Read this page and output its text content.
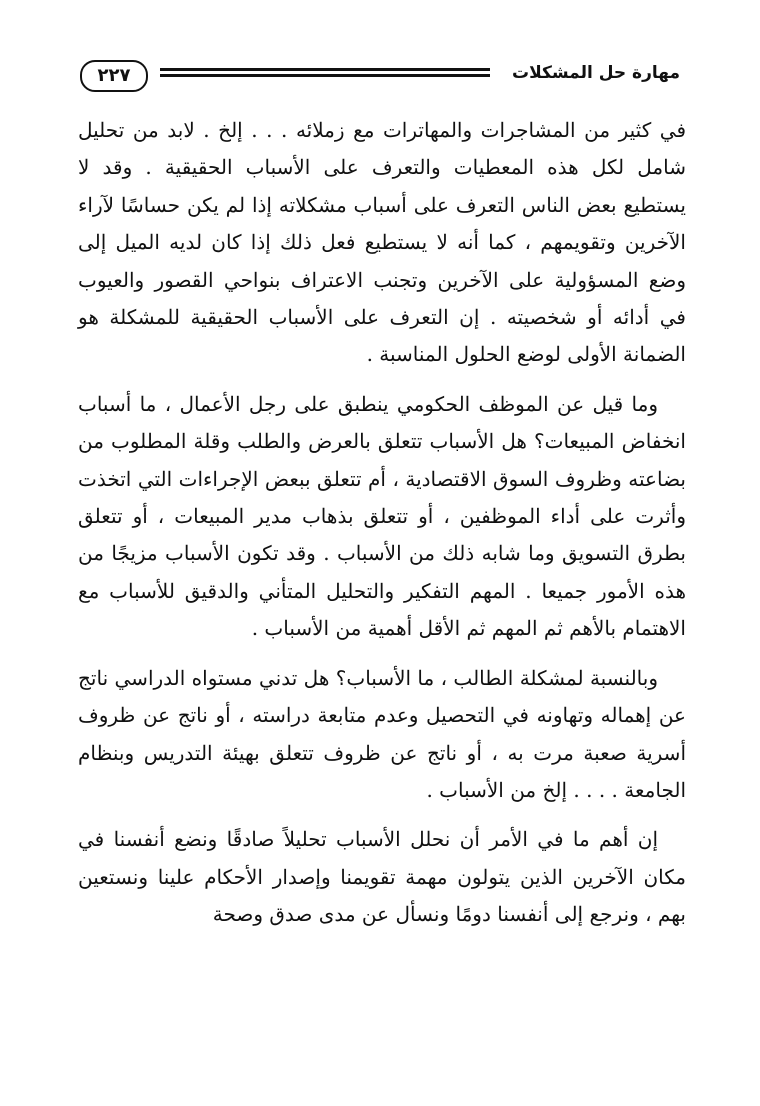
٢٢٧	مهارة حل المشكلات

في كثير من المشاجرات والمهاترات مع زملائه . . . إلخ . لابد من تحليل شامل لكل هذه المعطيات والتعرف على الأسباب الحقيقية . وقد لا يستطيع بعض الناس التعرف على أسباب مشكلاته إذا لم يكن حساسًا لآراء الآخرين وتقويمهم ، كما أنه لا يستطيع فعل ذلك إذا كان لديه الميل إلى وضع المسؤولية على الآخرين وتجنب الاعتراف بنواحي القصور والعيوب في أدائه أو شخصيته . إن التعرف على الأسباب الحقيقية للمشكلة هو الضمانة الأولى لوضع الحلول المناسبة .

وما قيل عن الموظف الحكومي ينطبق على رجل الأعمال ، ما أسباب انخفاض المبيعات؟ هل الأسباب تتعلق بالعرض والطلب وقلة المطلوب من بضاعته وظروف السوق الاقتصادية ، أم تتعلق ببعض الإجراءات التي اتخذت وأثرت على أداء الموظفين ، أو تتعلق بذهاب مدير المبيعات ، أو تتعلق بطرق التسويق وما شابه ذلك من الأسباب . وقد تكون الأسباب مزيجًا من هذه الأمور جميعا . المهم التفكير والتحليل المتأني والدقيق للأسباب مع الاهتمام بالأهم ثم المهم ثم الأقل أهمية من الأسباب .

وبالنسبة لمشكلة الطالب ، ما الأسباب؟ هل تدني مستواه الدراسي ناتج عن إهماله وتهاونه في التحصيل وعدم متابعة دراسته ، أو ناتج عن ظروف أسرية صعبة مرت به ، أو ناتج عن ظروف تتعلق بهيئة التدريس وبنظام الجامعة . . . . إلخ من الأسباب .

إن أهم ما في الأمر أن نحلل الأسباب تحليلاً صادقًا ونضع أنفسنا في مكان الآخرين الذين يتولون مهمة تقويمنا وإصدار الأحكام علينا ونستعين بهم ، ونرجع إلى أنفسنا دومًا ونسأل عن مدى صدق وصحة
